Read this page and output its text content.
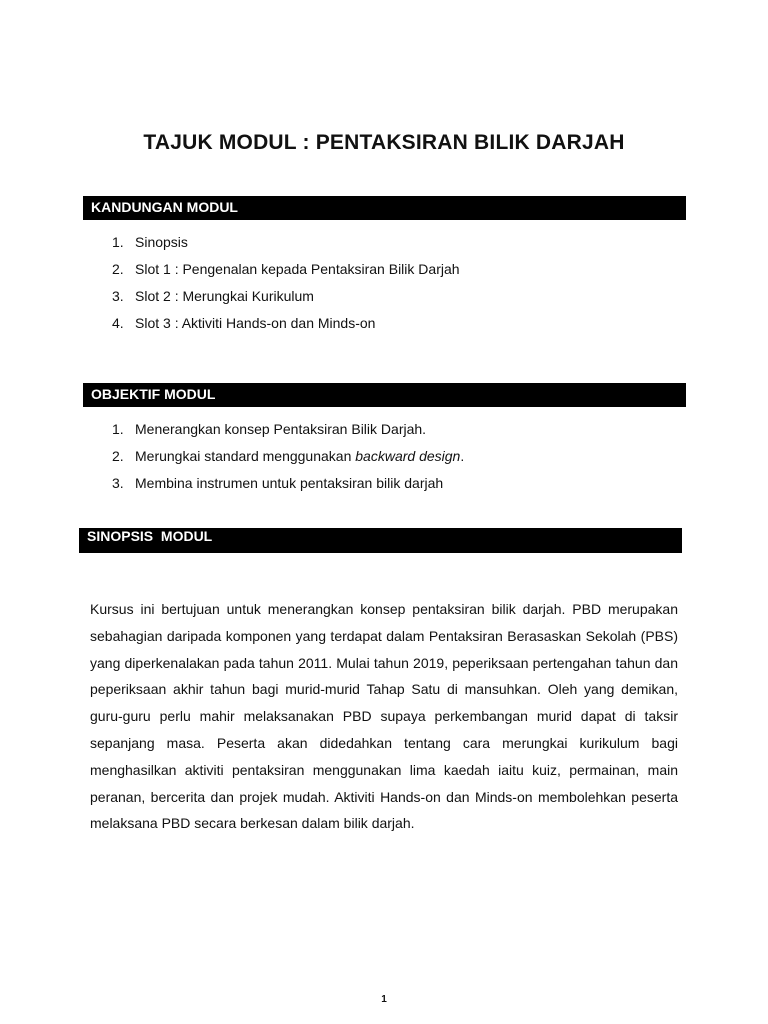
TAJUK MODUL : PENTAKSIRAN BILIK DARJAH
KANDUNGAN MODUL
1. Sinopsis
2. Slot 1 : Pengenalan kepada Pentaksiran Bilik Darjah
3. Slot 2 : Merungkai Kurikulum
4. Slot 3 : Aktiviti Hands-on dan Minds-on
OBJEKTIF MODUL
1. Menerangkan konsep Pentaksiran Bilik Darjah.
2. Merungkai standard menggunakan backward design.
3. Membina instrumen untuk pentaksiran bilik darjah
SINOPSIS  MODUL

Kursus ini bertujuan untuk menerangkan konsep pentaksiran bilik darjah. PBD merupakan sebahagian daripada komponen yang terdapat dalam Pentaksiran Berasaskan Sekolah (PBS) yang diperkenalakan pada tahun 2011. Mulai tahun 2019, peperiksaan pertengahan tahun dan peperiksaan akhir tahun bagi murid-murid Tahap Satu di mansuhkan. Oleh yang demikan, guru-guru perlu mahir melaksanakan PBD supaya perkembangan murid dapat di taksir sepanjang masa. Peserta akan didedahkan tentang cara merungkai kurikulum bagi menghasilkan aktiviti pentaksiran menggunakan lima kaedah iaitu kuiz, permainan, main peranan, bercerita dan projek mudah. Aktiviti Hands-on dan Minds-on membolehkan peserta melaksana PBD secara berkesan dalam bilik darjah.

1
